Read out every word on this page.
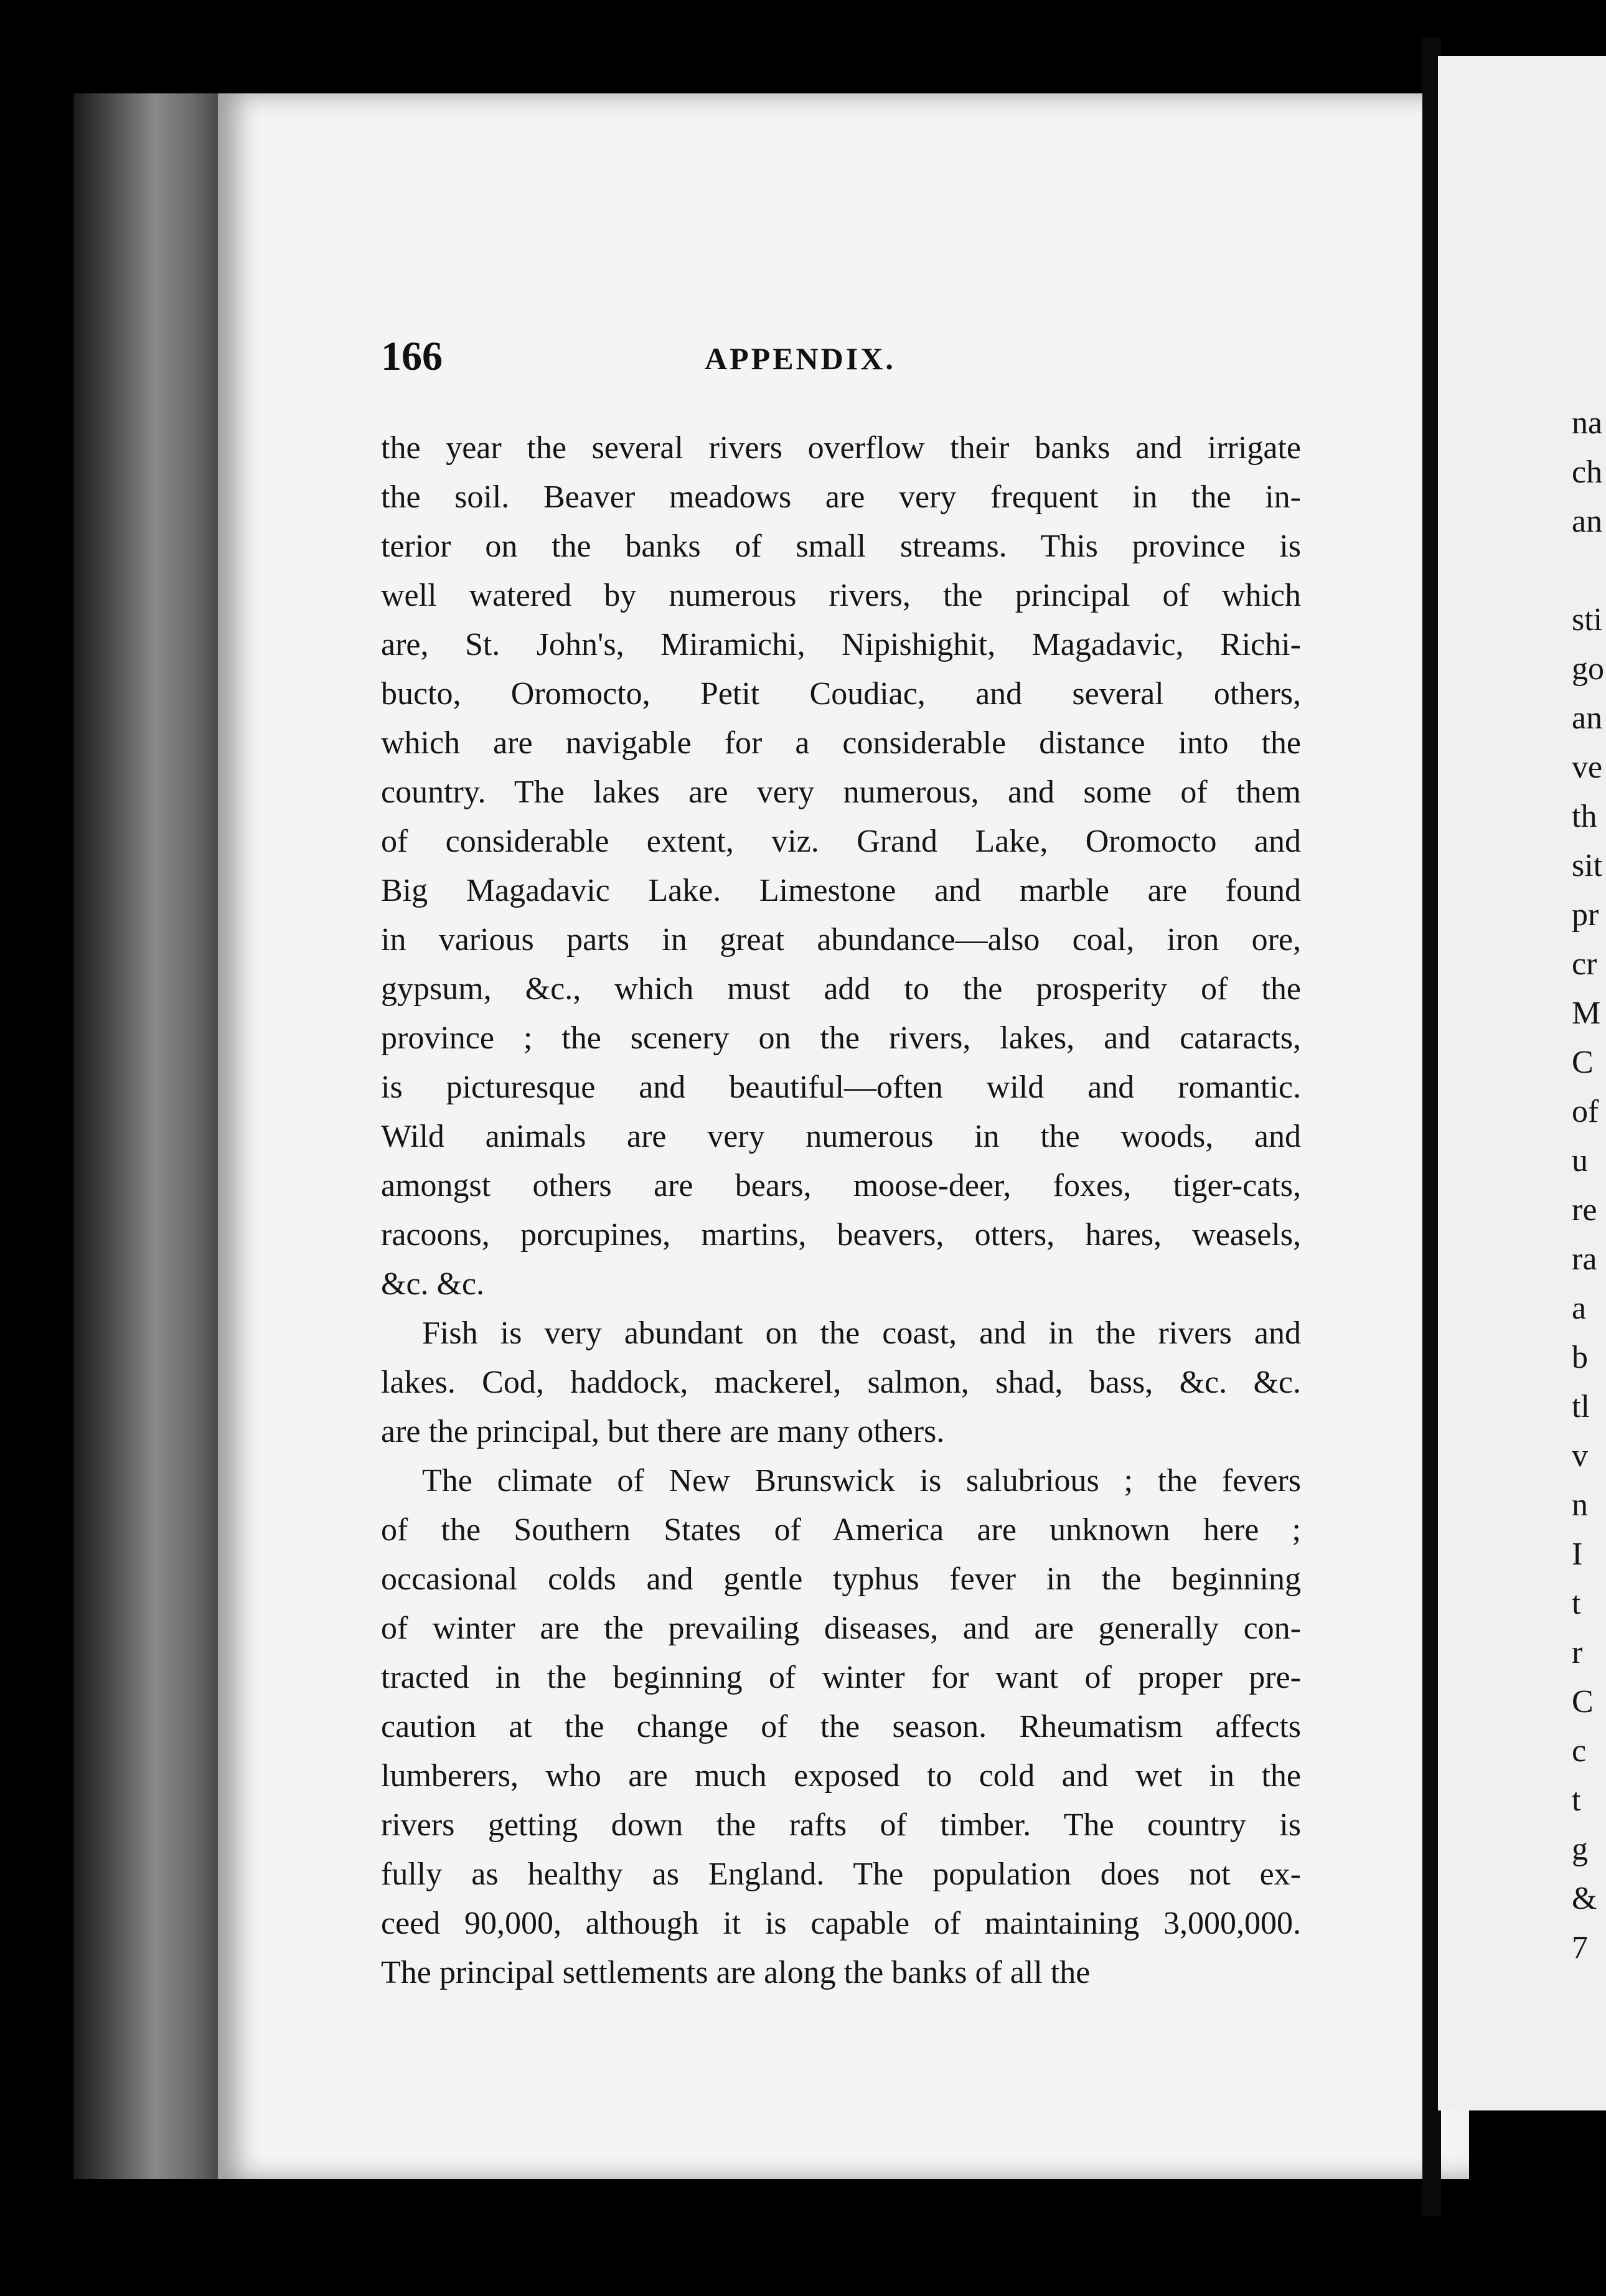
166	APPENDIX.
the year the several rivers overflow their banks and irrigate
the soil. Beaver meadows are very frequent in the in-
terior on the banks of small streams. This province is
well watered by numerous rivers, the principal of which
are, St. John's, Miramichi, Nipishighit, Magadavic, Richi-
bucto, Oromocto, Petit Coudiac, and several others,
which are navigable for a considerable distance into the
country. The lakes are very numerous, and some of them
of considerable extent, viz. Grand Lake, Oromocto and
Big Magadavic Lake. Limestone and marble are found
in various parts in great abundance—also coal, iron ore,
gypsum, &c., which must add to the prosperity of the
province ; the scenery on the rivers, lakes, and cataracts,
is picturesque and beautiful—often wild and romantic.
Wild animals are very numerous in the woods, and
amongst others are bears, moose-deer, foxes, tiger-cats,
racoons, porcupines, martins, beavers, otters, hares, weasels,
&c. &c.
Fish is very abundant on the coast, and in the rivers and
lakes. Cod, haddock, mackerel, salmon, shad, bass, &c. &c.
are the principal, but there are many others.
The climate of New Brunswick is salubrious ; the fevers
of the Southern States of America are unknown here ;
occasional colds and gentle typhus fever in the beginning
of winter are the prevailing diseases, and are generally con-
tracted in the beginning of winter for want of proper pre-
caution at the change of the season. Rheumatism affects
lumberers, who are much exposed to cold and wet in the
rivers getting down the rafts of timber. The country is
fully as healthy as England. The population does not ex-
ceed 90,000, although it is capable of maintaining 3,000,000.
The principal settlements are along the banks of all the
na
ch
an
sti
go
an
ve
th
sit
pr
cr
M
C
of
u
re
ra
a
b
tl
v
n
I
t
r
C
c
t
g
&
7
